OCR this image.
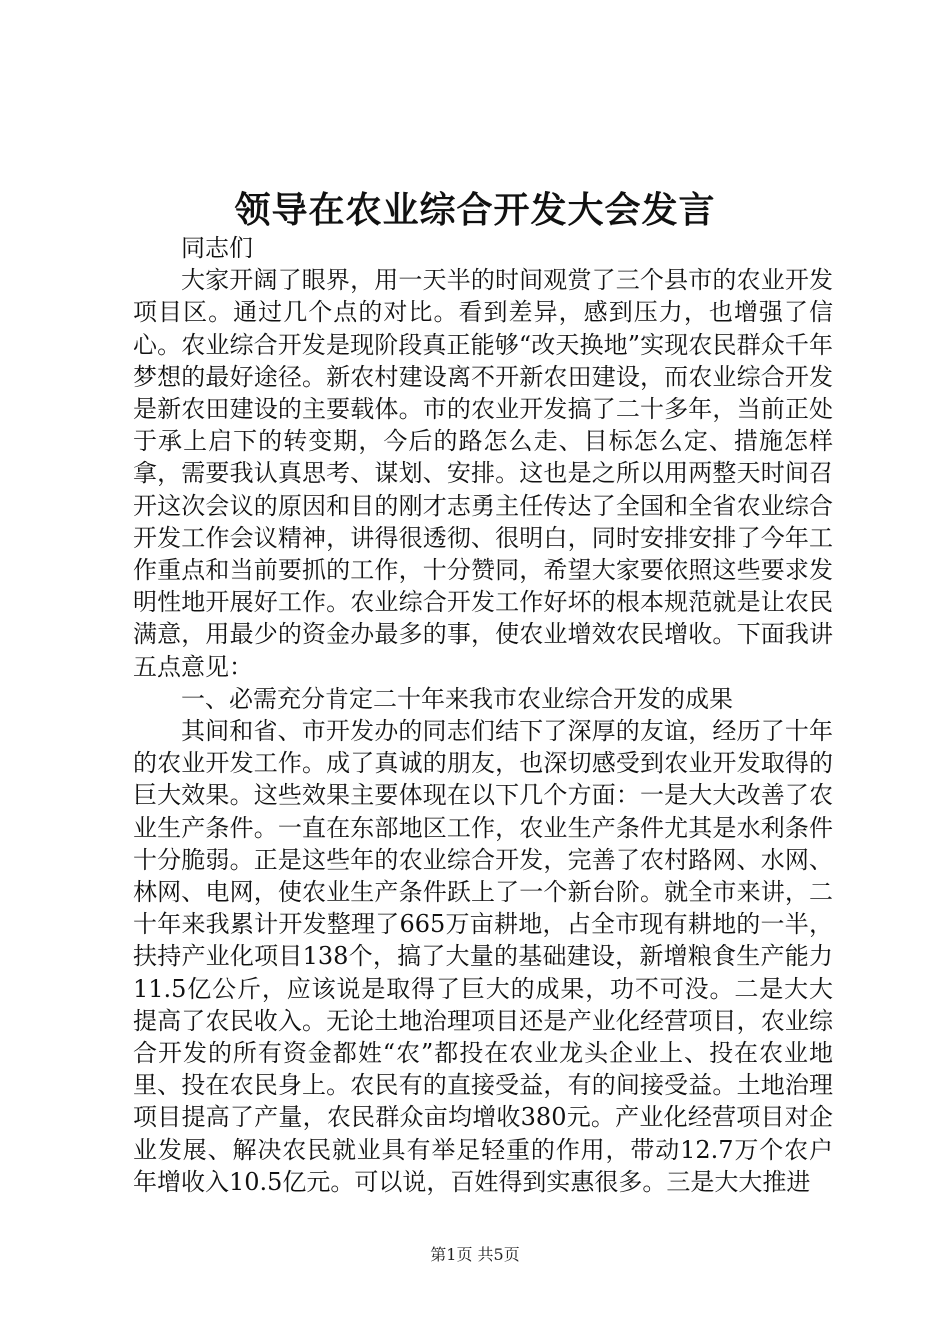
领导在农业综合开发大会发言

同志们

大家开阔了眼界，用一天半的时间观赏了三个县市的农业开发项目区。通过几个点的对比。看到差异，感到压力，也增强了信心。农业综合开发是现阶段真正能够“改天换地”实现农民群众千年梦想的最好途径。新农村建设离不开新农田建设，而农业综合开发是新农田建设的主要载体。市的农业开发搞了二十多年，当前正处于承上启下的转变期，今后的路怎么走、目标怎么定、措施怎样拿，需要我认真思考、谋划、安排。这也是之所以用两整天时间召开这次会议的原因和目的刚才志勇主任传达了全国和全省农业综合开发工作会议精神，讲得很透彻、很明白，同时安排安排了今年工作重点和当前要抓的工作，十分赞同，希望大家要依照这些要求发明性地开展好工作。农业综合开发工作好坏的根本规范就是让农民满意，用最少的资金办最多的事，使农业增效农民增收。下面我讲五点意见：

一、必需充分肯定二十年来我市农业综合开发的成果

其间和省、市开发办的同志们结下了深厚的友谊，经历了十年的农业开发工作。成了真诚的朋友，也深切感受到农业开发取得的巨大效果。这些效果主要体现在以下几个方面：一是大大改善了农业生产条件。一直在东部地区工作，农业生产条件尤其是水利条件十分脆弱。正是这些年的农业综合开发，完善了农村路网、水网、林网、电网，使农业生产条件跃上了一个新台阶。就全市来讲，二十年来我累计开发整理了665万亩耕地，占全市现有耕地的一半，扶持产业化项目138个，搞了大量的基础建设，新增粮食生产能力11.5亿公斤，应该说是取得了巨大的成果，功不可没。二是大大提高了农民收入。无论土地治理项目还是产业化经营项目，农业综合开发的所有资金都姓“农”都投在农业龙头企业上、投在农业地里、投在农民身上。农民有的直接受益，有的间接受益。土地治理项目提高了产量，农民群众亩均增收380元。产业化经营项目对企业发展、解决农民就业具有举足轻重的作用，带动12.7万个农户年增收入10.5亿元。可以说，百姓得到实惠很多。三是大大推进

第1页 共5页
